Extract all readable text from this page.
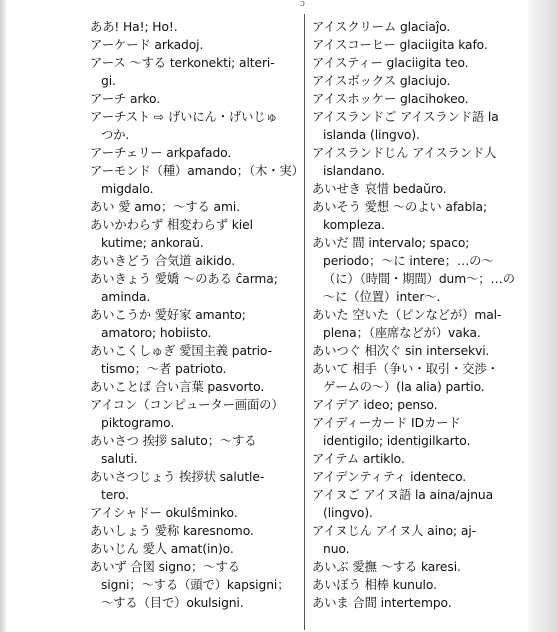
ɔ
ああ! Ha!; Ho!.
アーケード arkadoj.
アース ～する terkonekti; alteri-
gi.
アーチ arko.
アーチスト ⇨ げいにん・げいじゅ
つか.
アーチェリー arkpafado.
アーモンド（種）amando；（木・実）
migdalo.
あい 愛 amo；～する ami.
あいかわらず 相変わらず kiel
kutime; ankoraŭ.
あいきどう 合気道 aikido.
あいきょう 愛嬌 ～のある ĉarma;
aminda.
あいこうか 愛好家 amanto;
amatoro; hobiisto.
あいこくしゅぎ 愛国主義 patrio-
tismo；～者 patrioto.
あいことば 合い言葉 pasvorto.
アイコン（コンピューター画面の）
piktogramo.
あいさつ 挨拶 saluto；～する
saluti.
あいさつじょう 挨拶状 salutle-
tero.
アイシャドー okulŝminko.
あいしょう 愛称 karesnomo.
あいじん 愛人 amat(in)o.
あいず 合図 signo；～する
signi；～する（頭で）kapsigni；
～する（目で）okulsigni.
アイスクリーム glaciaĵo.
アイスコーヒー glaciigita kafo.
アイスティー glaciigita teo.
アイスボックス glaciujo.
アイスホッケー glacihokeo.
アイスランドご アイスランド語 la
islanda (lingvo).
アイスランドじん アイスランド人
islandano.
あいせき 哀惜 bedaŭro.
あいそう 愛想 ～のよい afabla;
kompleza.
あいだ 間 intervalo; spaco;
periodo；～に intere；…の～
（に）（時間・期間）dum～；…の
～に（位置）inter～.
あいた 空いた（ピンなどが）mal-
plena；（座席などが）vaka.
あいつぐ 相次ぐ sin intersekvi.
あいて 相手（争い・取引・交渉・
ゲームの～）(la alia) partio.
アイデア ideo; penso.
アイディーカード IDカード
identigilo; identigilkarto.
アイテム artiklo.
アイデンティティ identeco.
アイヌご アイヌ語 la aina/ajnua
(lingvo).
アイヌじん アイヌ人 aino; aj-
nuo.
あいぶ 愛撫 ～する karesi.
あいぼう 相棒 kunulo.
あいま 合間 intertempo.
